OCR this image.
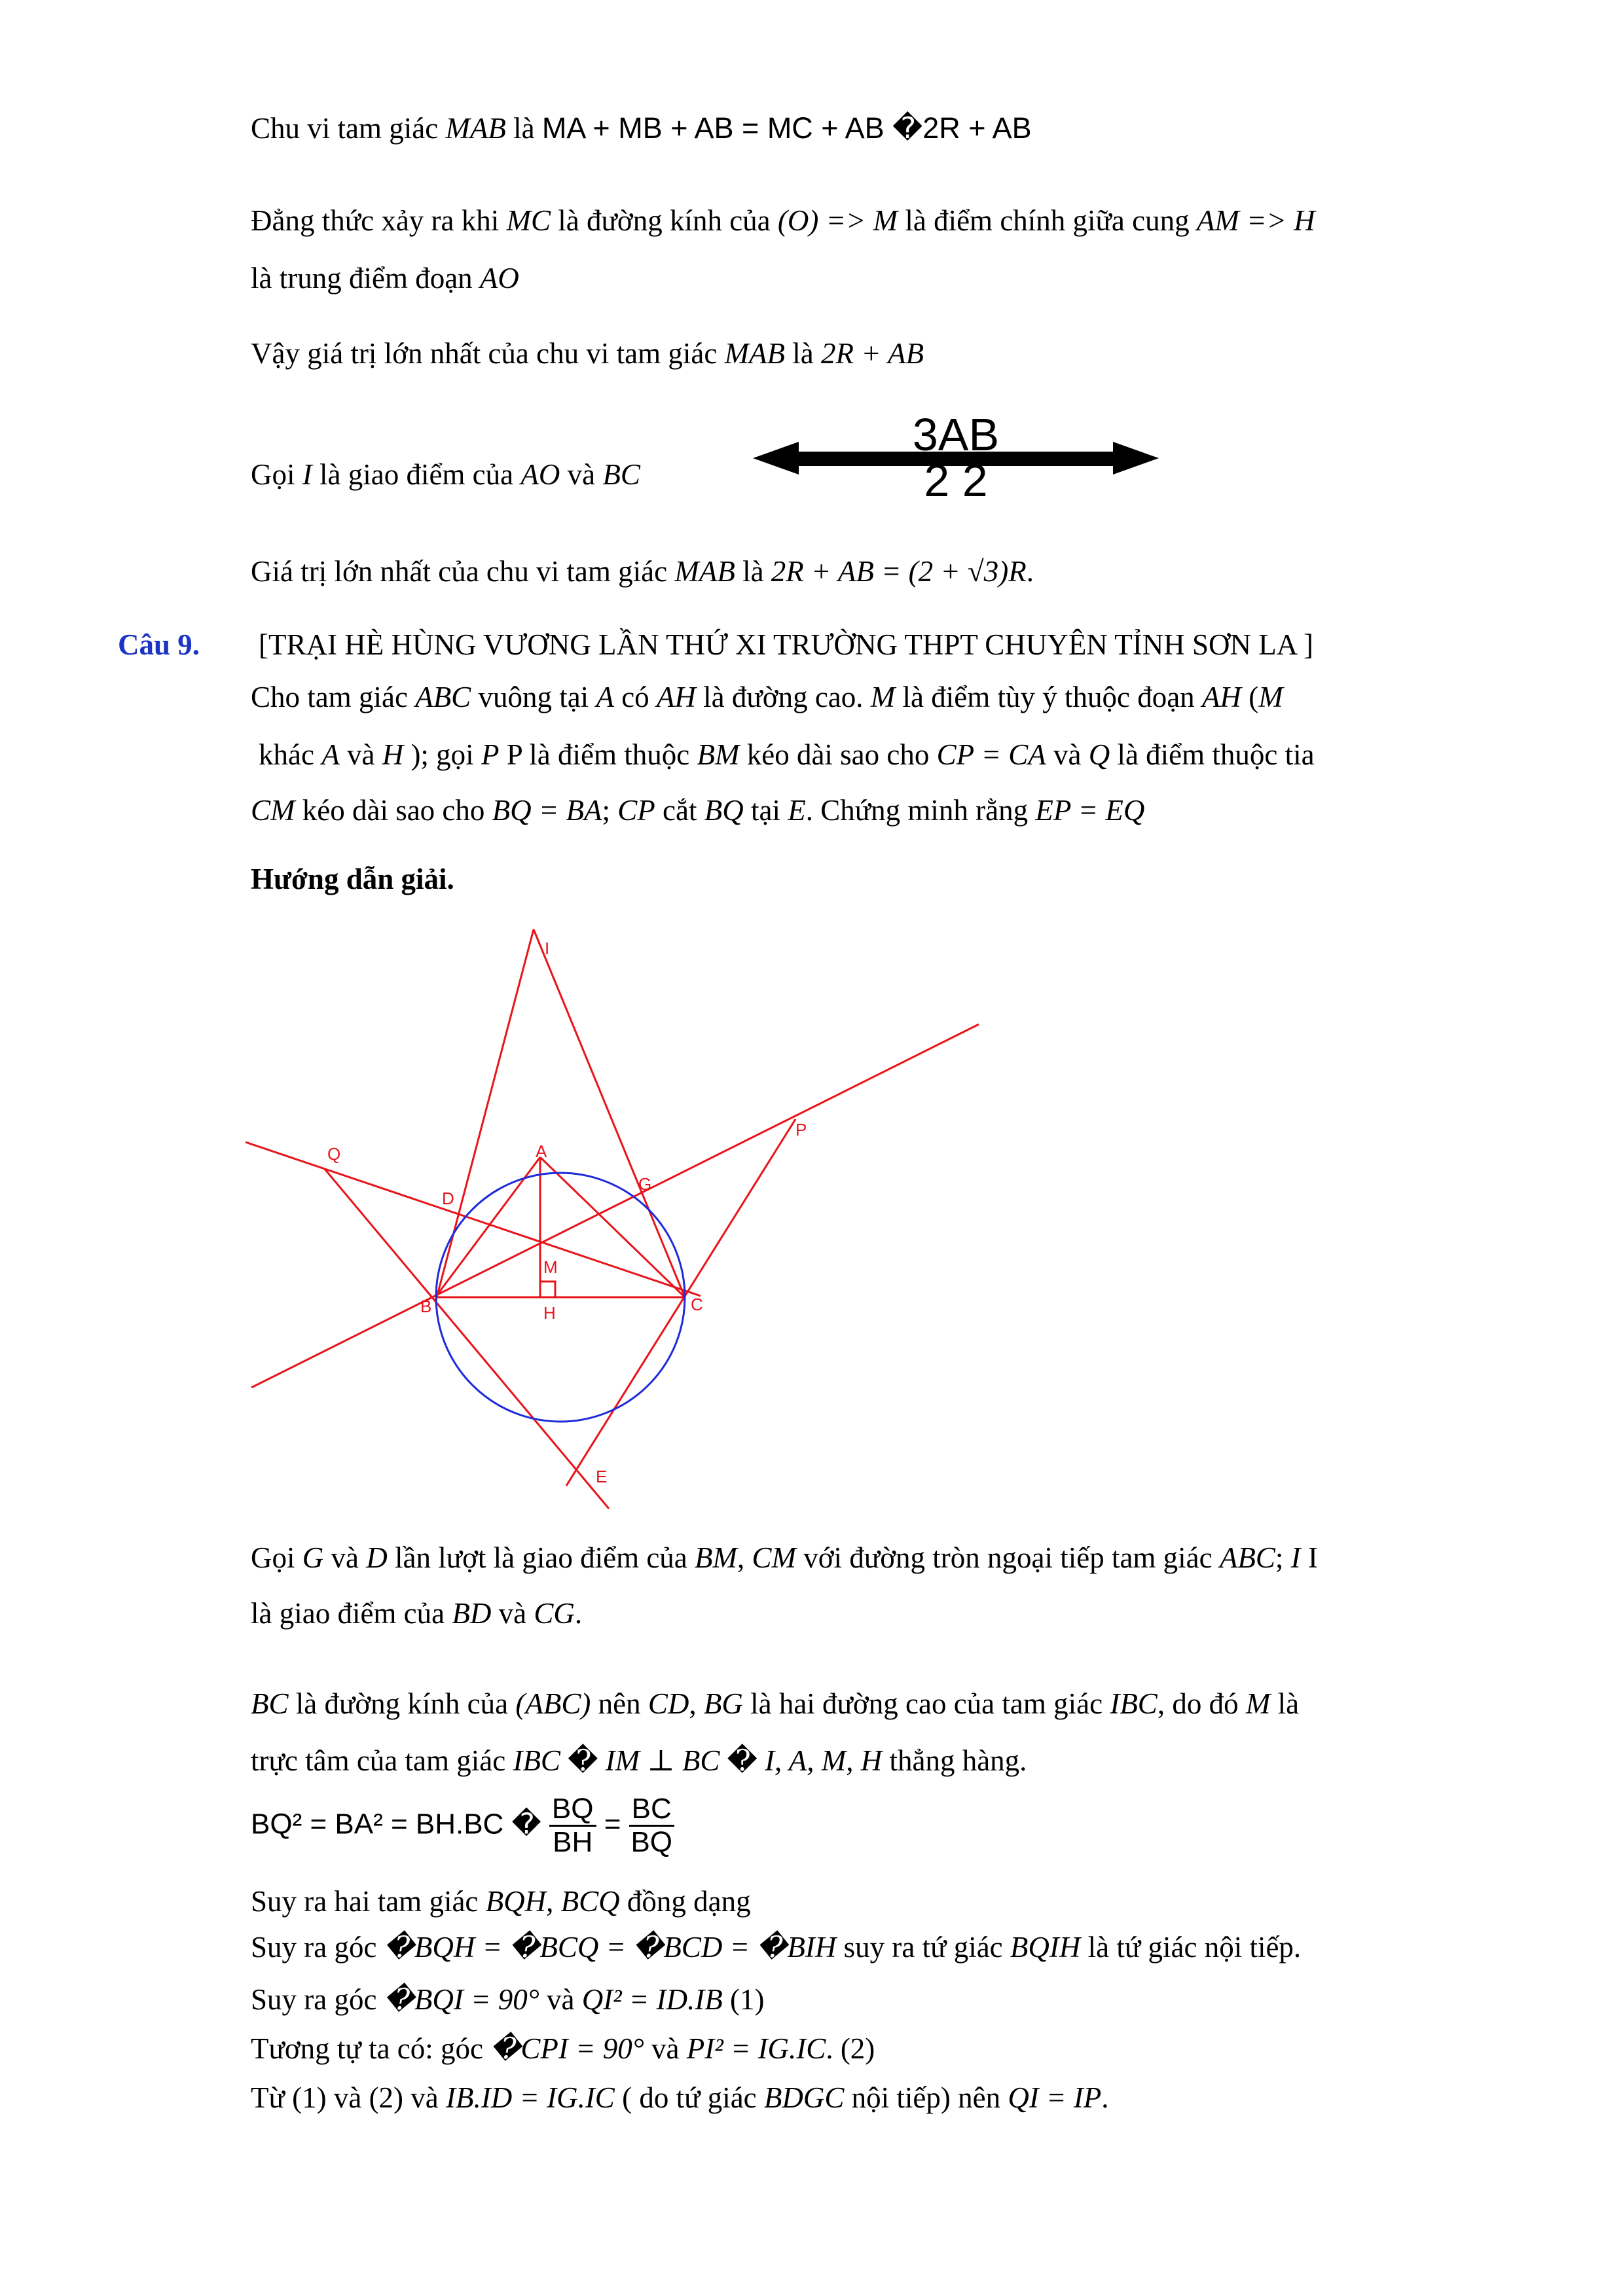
Chu vi tam giác MAB là MA + MB + AB = MC + AB �2R + AB
Đẳng thức xảy ra khi MC là đường kính của (O) => M là điểm chính giữa cung AM => H
là trung điểm đoạn AO
Vậy giá trị lớn nhất của chu vi tam giác MAB là 2R + AB
Gọi I là giao điểm của AO và BC
3AB
2 2
Giá trị lớn nhất của chu vi tam giác MAB là 2R + AB = (2 + √3)R.
Câu 9. [TRẠI HÈ HÙNG VƯƠNG LẦN THỨ XI TRƯỜNG THPT CHUYÊN TỈNH SƠN LA ]
Cho tam giác ABC vuông tại A có AH là đường cao. M là điểm tùy ý thuộc đoạn AH (M
khác A và H ); gọi P P là điểm thuộc BM kéo dài sao cho CP = CA và Q là điểm thuộc tia
CM kéo dài sao cho BQ = BA; CP cắt BQ tại E. Chứng minh rằng EP = EQ
Hướng dẫn giải.
I
P
Q	A
G
D
M
B	H	C
E
Gọi G và D lần lượt là giao điểm của BM, CM với đường tròn ngoại tiếp tam giác ABC; I I
là giao điểm của BD và CG.
BC là đường kính của (ABC) nên CD, BG là hai đường cao của tam giác IBC, do đó M là
trực tâm của tam giác IBC � IM ⊥ BC � I, A, M, H thẳng hàng.
BQ² = BA² = BH.BC � $\frac{BQ}{BH} = \frac{BC}{BQ}$
Suy ra hai tam giác BQH, BCQ đồng dạng
Suy ra góc �BQH = �BCQ = �BCD = �BIH suy ra tứ giác BQIH là tứ giác nội tiếp.
Suy ra góc �BQI = 90° và QI² = ID.IB (1)
Tương tự ta có: góc �CPI = 90° và PI² = IG.IC. (2)
Từ (1) và (2) và IB.ID = IG.IC ( do tứ giác BDGC nội tiếp) nên QI = IP.
